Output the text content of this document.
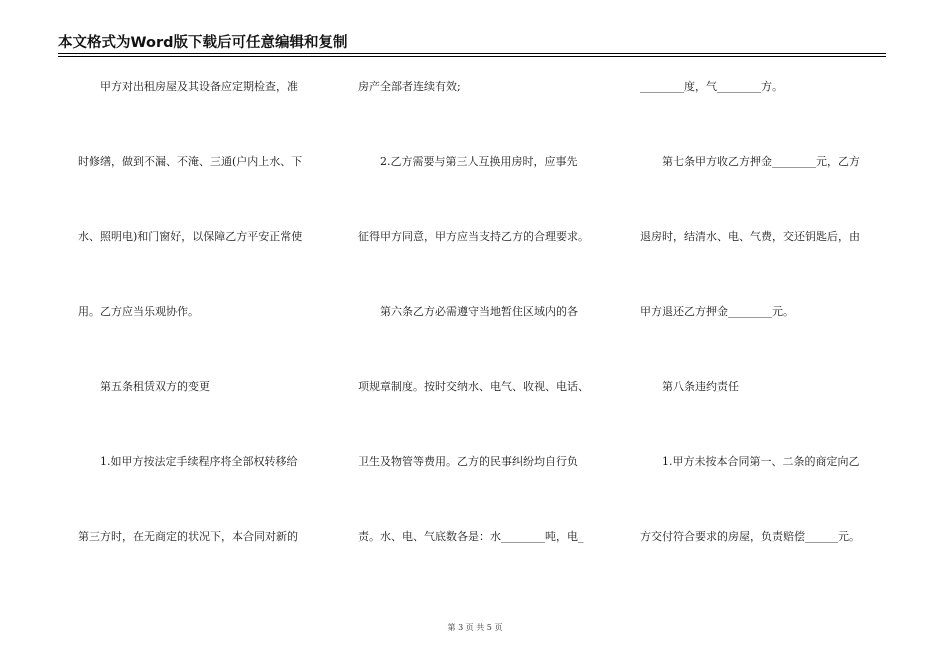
本文格式为Word版下载后可任意编辑和复制
甲方对出租房屋及其设备应定期检查，准
时修缮，做到不漏、不淹、三通(户内上水、下
水、照明电)和门窗好，以保障乙方平安正常使
用。乙方应当乐观协作。
第五条租赁双方的变更
1.如甲方按法定手续程序将全部权转移给
第三方时，在无商定的状况下，本合同对新的
房产全部者连续有效;
2.乙方需要与第三人互换用房时，应事先
征得甲方同意，甲方应当支持乙方的合理要求。
第六条乙方必需遵守当地暂住区域内的各
项规章制度。按时交纳水、电气、收视、电话、
卫生及物管等费用。乙方的民事纠纷均自行负
责。水、电、气底数各是：水________吨，电_
________度，气________方。
第七条甲方收乙方押金________元，乙方
退房时，结清水、电、气费，交还钥匙后，由
甲方退还乙方押金________元。
第八条违约责任
1.甲方未按本合同第一、二条的商定向乙
方交付符合要求的房屋，负责赔偿______元。
第 3 页 共 5 页
